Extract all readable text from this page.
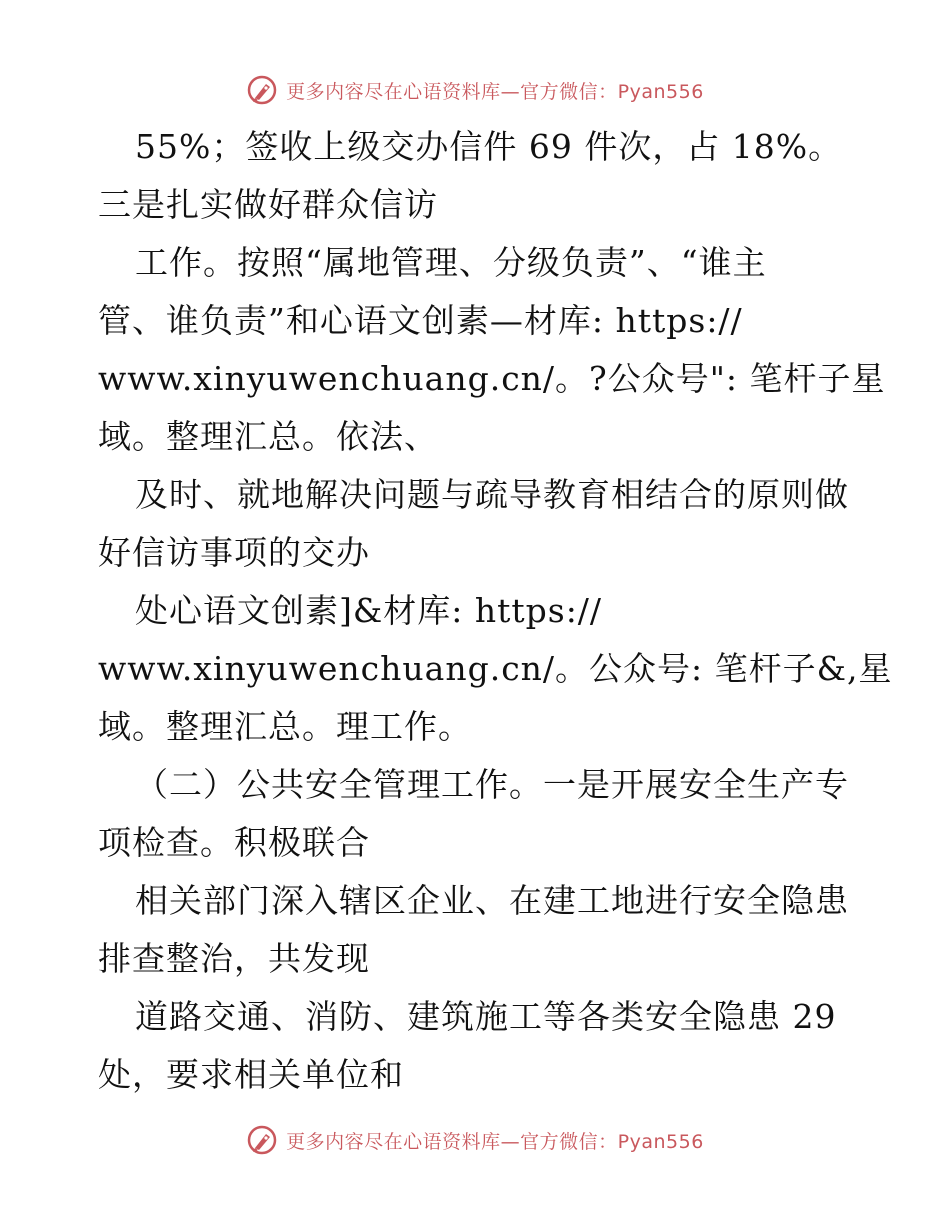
更多内容尽在心语资料库—官方微信：Pyan556
55%；签收上级交办信件 69 件次，占 18%。
三是扎实做好群众信访
工作。按照“属地管理、分级负责”、“谁主
管、谁负责”和心语文创素—材库: https://
www.xinyuwenchuang.cn/。?公众号": 笔杆子星
域。整理汇总。依法、
及时、就地解决问题与疏导教育相结合的原则做
好信访事项的交办
处心语文创素]&材库: https://
www.xinyuwenchuang.cn/。公众号: 笔杆子&,星
域。整理汇总。理工作。
（二）公共安全管理工作。一是开展安全生产专
项检查。积极联合
相关部门深入辖区企业、在建工地进行安全隐患
排查整治，共发现
道路交通、消防、建筑施工等各类安全隐患 29
处，要求相关单位和
更多内容尽在心语资料库—官方微信：Pyan556
